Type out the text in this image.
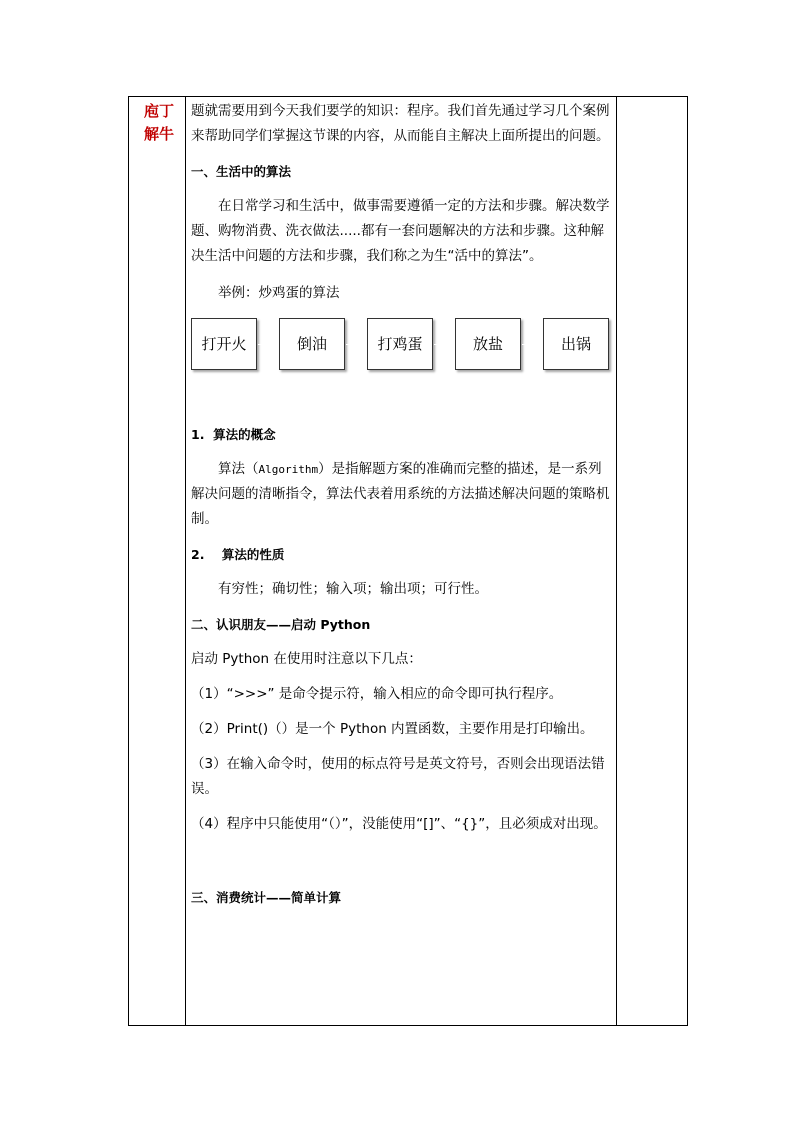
庖丁
解牛

题就需要用到今天我们要学的知识：程序。我们首先通过学习几个案例来帮助同学们掌握这节课的内容，从而能自主解决上面所提出的问题。

一、生活中的算法

在日常学习和生活中，做事需要遵循一定的方法和步骤。解决数学题、购物消费、洗衣做法.....都有一套问题解决的方法和步骤。这种解决生活中问题的方法和步骤，我们称之为生“活中的算法”。

举例：炒鸡蛋的算法

打开火	倒油	打鸡蛋	放盐	出锅

1.  算法的概念

算法（Algorithm）是指解题方案的准确而完整的描述，是一系列解决问题的清晰指令，算法代表着用系统的方法描述解决问题的策略机制。

2.    算法的性质

有穷性；确切性；输入项；输出项；可行性。

二、认识朋友——启动 Python

启动 Python 在使用时注意以下几点：

（1）“>>>” 是命令提示符，输入相应的命令即可执行程序。

（2）Print()（）是一个 Python 内置函数，主要作用是打印输出。

（3）在输入命令时，使用的标点符号是英文符号，否则会出现语法错误。

（4）程序中只能使用“（）”，没能使用“[]”、“{}”，且必须成对出现。

三、消费统计——简单计算
